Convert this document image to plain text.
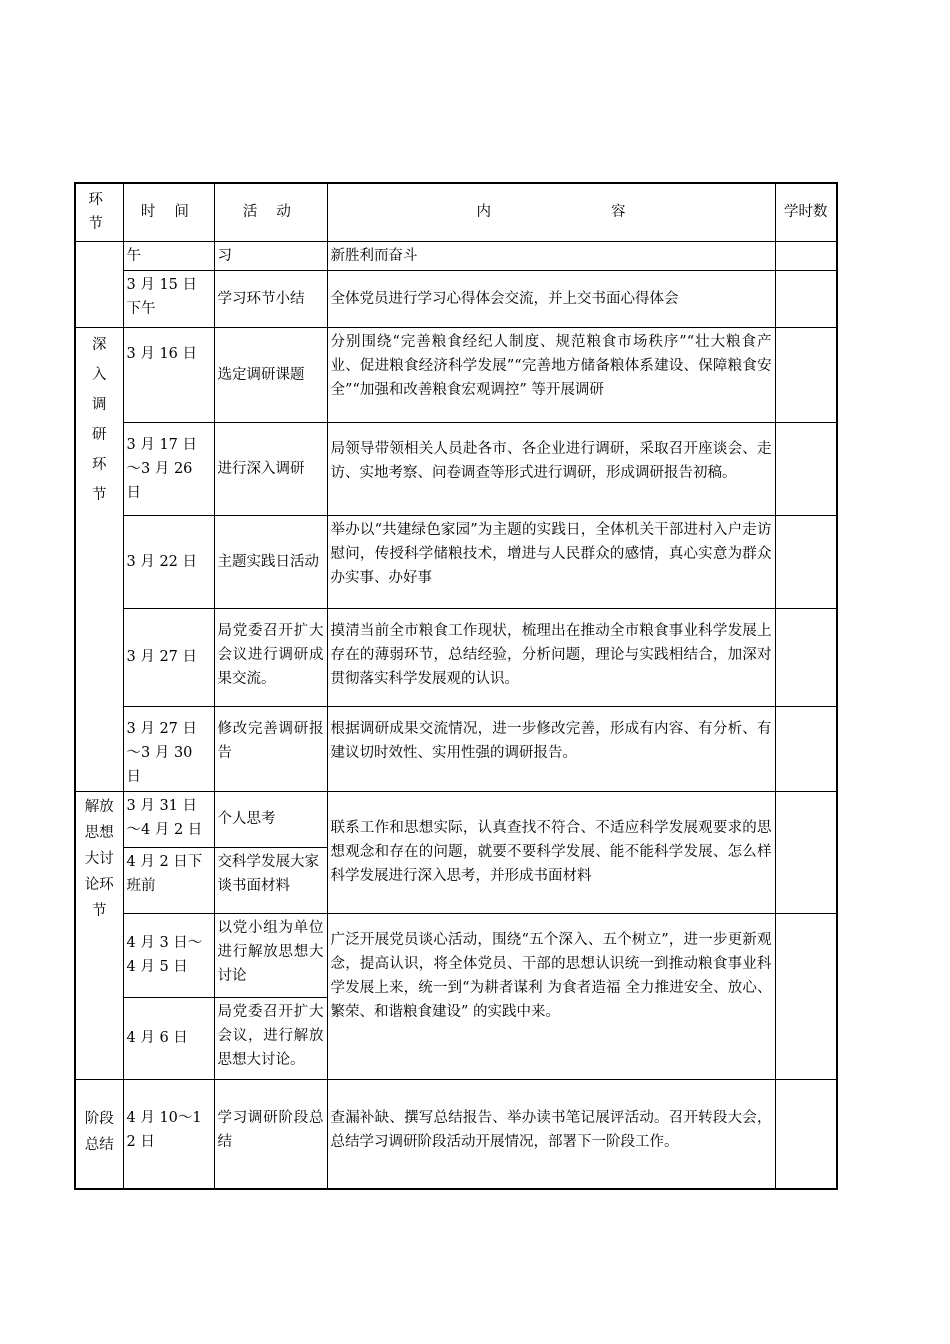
环节	时 间	活 动	内 容	学时数
	午	习	新胜利而奋斗	
	3 月 15 日下午	学习环节小结	全体党员进行学习心得体会交流，并上交书面心得体会	

深入调研环节	3 月 16 日	选定调研课题	分别围绕“完善粮食经纪人制度、规范粮食市场秩序”“壮大粮食产业、促进粮食经济科学发展”“完善地方储备粮体系建设、保障粮食安全”“加强和改善粮食宏观调控” 等开展调研	
	3 月 17 日～3 月 26 日	进行深入调研	局领导带领相关人员赴各市、各企业进行调研，采取召开座谈会、走访、实地考察、问卷调查等形式进行调研，形成调研报告初稿。	
	3 月 22 日	主题实践日活动	举办以“共建绿色家园”为主题的实践日，全体机关干部进村入户走访慰问，传授科学储粮技术，增进与人民群众的感情，真心实意为群众办实事、办好事	
	3 月 27 日	局党委召开扩大会议进行调研成果交流。	摸清当前全市粮食工作现状，梳理出在推动全市粮食事业科学发展上存在的薄弱环节，总结经验，分析问题，理论与实践相结合，加深对贯彻落实科学发展观的认识。	
	3 月 27 日～3 月 30 日	修改完善调研报告	根据调研成果交流情况，进一步修改完善，形成有内容、有分析、有建议切时效性、实用性强的调研报告。	

解放思想大讨论环节	3 月 31 日～4 月 2 日	个人思考	联系工作和思想实际，认真查找不符合、不适应科学发展观要求的思想观念和存在的问题，就要不要科学发展、能不能科学发展、怎么样科学发展进行深入思考，并形成书面材料	
	4 月 2 日下班前	交科学发展大家谈书面材料		
	4 月 3 日～4 月 5 日	以党小组为单位进行解放思想大讨论	广泛开展党员谈心活动，围绕“五个深入、五个树立”，进一步更新观念，提高认识，将全体党员、干部的思想认识统一到推动粮食事业科学发展上来，统一到“为耕者谋利 为食者造福 全力推进安全、放心、繁荣、和谐粮食建设” 的实践中来。	
	4 月 6 日	局党委召开扩大会议，进行解放思想大讨论。		

阶段总结	4 月 10～12 日	学习调研阶段总结	查漏补缺、撰写总结报告、举办读书笔记展评活动。召开转段大会，总结学习调研阶段活动开展情况，部署下一阶段工作。	
